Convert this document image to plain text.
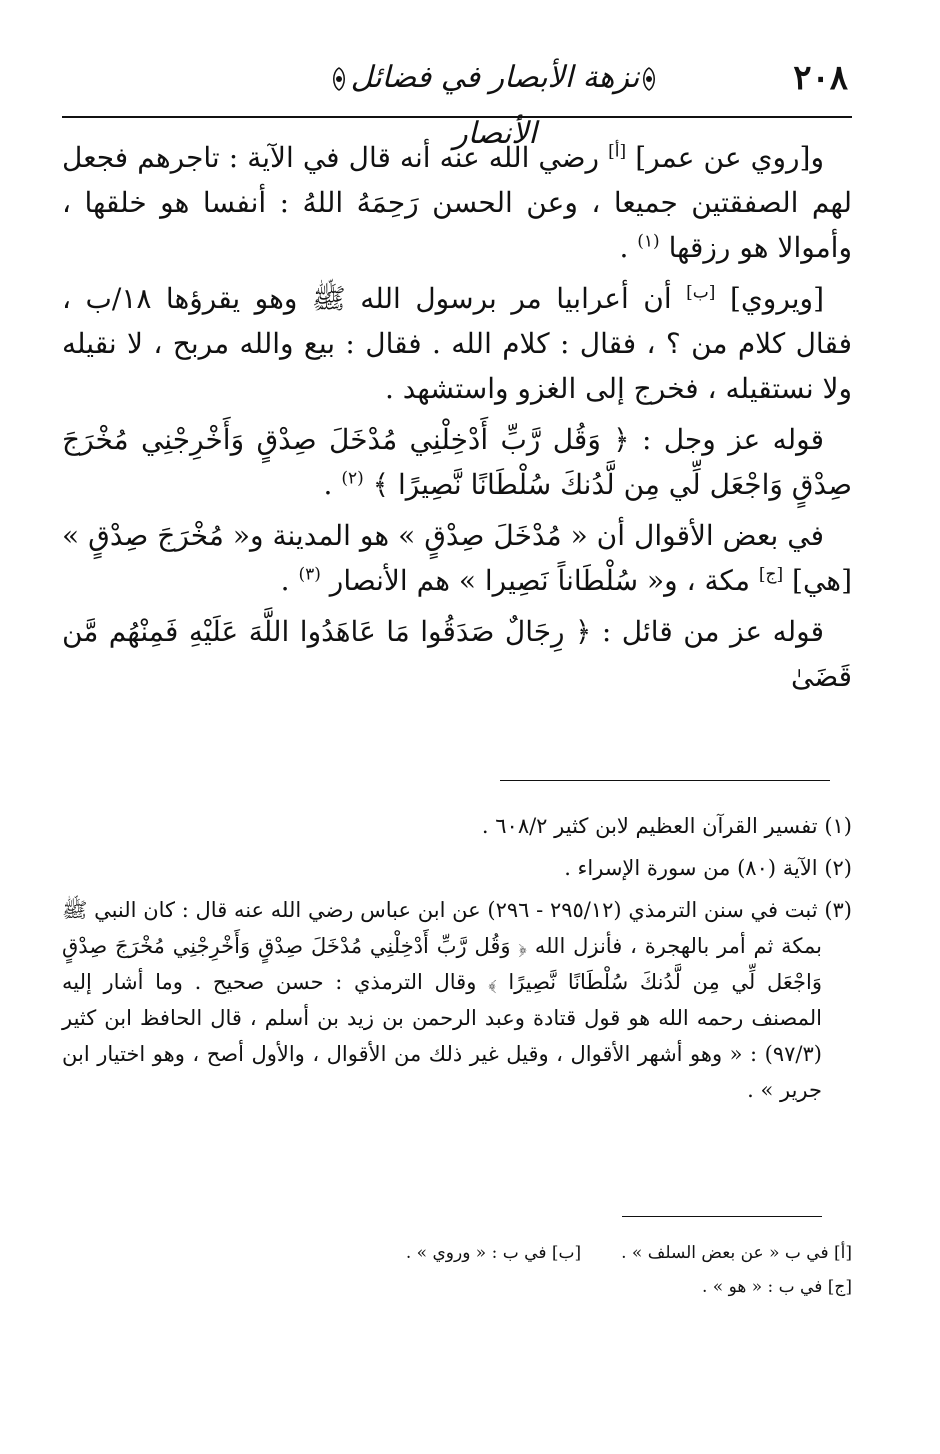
٢٠٨
نزهة الأبصار في فضائل الأنصار

و[روي عن عمر] [أ] رضي الله عنه أنه قال في الآية : تاجرهم فجعل لهم الصفقتين جميعا ، وعن الحسن رَحِمَهُ اللهُ : أنفسا هو خلقها ، وأموالا هو رزقها $^{(١)}$ .

[ويروي] [ب] أن أعرابيا مر برسول الله ﷺ وهو يقرؤها ١٨/ب ، فقال كلام من ؟ ، فقال : كلام الله . فقال : بيع والله مربح ، لا نقيله ولا نستقيله ، فخرج إلى الغزو واستشهد .

قوله عز وجل : ﴿ وَقُل رَّبِّ أَدْخِلْنِي مُدْخَلَ صِدْقٍ وَأَخْرِجْنِي مُخْرَجَ صِدْقٍ وَاجْعَل لِّي مِن لَّدُنكَ سُلْطَانًا نَّصِيرًا ﴾ $^{(٢)}$ .

في بعض الأقوال أن « مُدْخَلَ صِدْقٍ » هو المدينة و« مُخْرَجَ صِدْقٍ » [هي] [ج] مكة ، و« سُلْطَاناً نَصِيرا » هم الأنصار $^{(٣)}$ .

قوله عز من قائل : ﴿ رِجَالٌ صَدَقُوا مَا عَاهَدُوا اللَّهَ عَلَيْهِ فَمِنْهُم مَّن قَضَىٰ

(١) تفسير القرآن العظيم لابن كثير ٦٠٨/٢ .

(٢) الآية (٨٠) من سورة الإسراء .

(٣) ثبت في سنن الترمذي (٢٩٥/١٢ - ٢٩٦) عن ابن عباس رضي الله عنه قال : كان النبي ﷺ بمكة ثم أمر بالهجرة ، فأنزل الله ﴿ وَقُل رَّبِّ أَدْخِلْنِي مُدْخَلَ صِدْقٍ وَأَخْرِجْنِي مُخْرَجَ صِدْقٍ وَاجْعَل لِّي مِن لَّدُنكَ سُلْطَانًا نَّصِيرًا ﴾ وقال الترمذي : حسن صحيح . وما أشار إليه المصنف رحمه الله هو قول قتادة وعبد الرحمن بن زيد بن أسلم ، قال الحافظ ابن كثير (٩٧/٣) : « وهو أشهر الأقوال ، وقيل غير ذلك من الأقوال ، والأول أصح ، وهو اختيار ابن جرير » .

[أ] في ب « عن بعض السلف » .
[ب] في ب : « وروي » .
[ج] في ب : « هو » .
